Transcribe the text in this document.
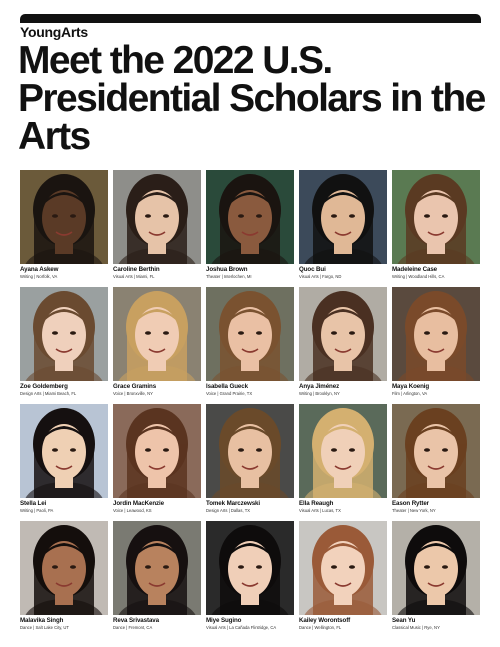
YoungArts
Meet the 2022 U.S. Presidential Scholars in the Arts
Ayana Askew
Writing | Norfolk, VA
Caroline Berthin
Visual Arts | Miami, FL
Joshua Brown
Theater | Interlochen, MI
Quoc Bui
Visual Arts | Fargo, ND
Madeleine Case
Writing | Woodland Hills, CA
Zoe Goldemberg
Design Arts | Miami Beach, FL
Grace Gramins
Voice | Bronxville, NY
Isabella Gueck
Voice | Grand Prairie, TX
Anya Jiménez
Writing | Brooklyn, NY
Maya Koenig
Film | Arlington, VA
Stella Lei
Writing | Paoli, PA
Jordin MacKenzie
Voice | Leawood, KS
Tomek Marczewski
Design Arts | Dallas, TX
Ella Reaugh
Visual Arts | Lucas, TX
Eason Rytter
Theater | New York, NY
Malavika Singh
Dance | Salt Lake City, UT
Reva Srivastava
Dance | Fremont, CA
Miye Sugino
Visual Arts | La Cañada Flintridge, CA
Kailey Worontsoff
Dance | Wellington, FL
Sean Yu
Classical Music | Rye, NY
